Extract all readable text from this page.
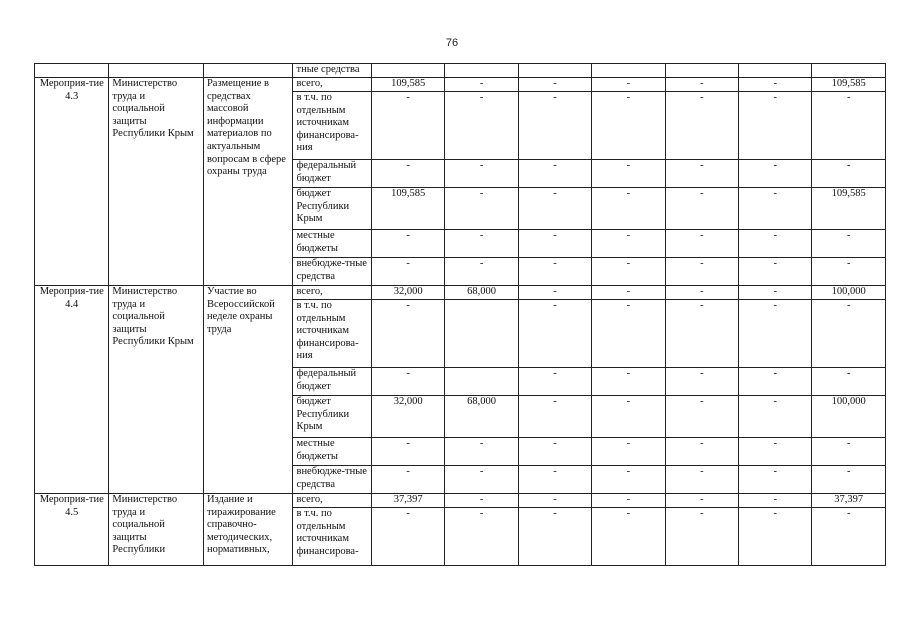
76
			тные средства							
Мероприя-тие 4.3	Министерство труда и социальной защиты Республики Крым	Размещение в средствах массовой информации материалов по актуальным вопросам в сфере охраны труда	всего,	109,585	-	-	-	-	-	109,585
			в т.ч. по отдельным источникам финансирова-ния	-	-	-	-	-	-	-
			федеральный бюджет	-	-	-	-	-	-	-
			бюджет Республики Крым	109,585	-	-	-	-	-	109,585
			местные бюджеты	-	-	-	-	-	-	-
			внебюдже-тные средства	-	-	-	-	-	-	-
Мероприя-тие 4.4	Министерство труда и социальной защиты Республики Крым	Участие во Всероссийской неделе охраны труда	всего,	32,000	68,000	-	-	-	-	100,000
			в т.ч. по отдельным источникам финансирова-ния	-		-	-	-	-	-
			федеральный бюджет	-		-	-	-	-	-
			бюджет Республики Крым	32,000	68,000	-	-	-	-	100,000
			местные бюджеты	-	-	-	-	-	-	-
			внебюдже-тные средства	-	-	-	-	-	-	-
Мероприя-тие 4.5	Министерство труда и социальной защиты Республики	Издание и тиражирование справочно-методических, нормативных,	всего,	37,397	-	-	-	-	-	37,397
			в т.ч. по отдельным источникам финансирова-	-	-	-	-	-	-	-
